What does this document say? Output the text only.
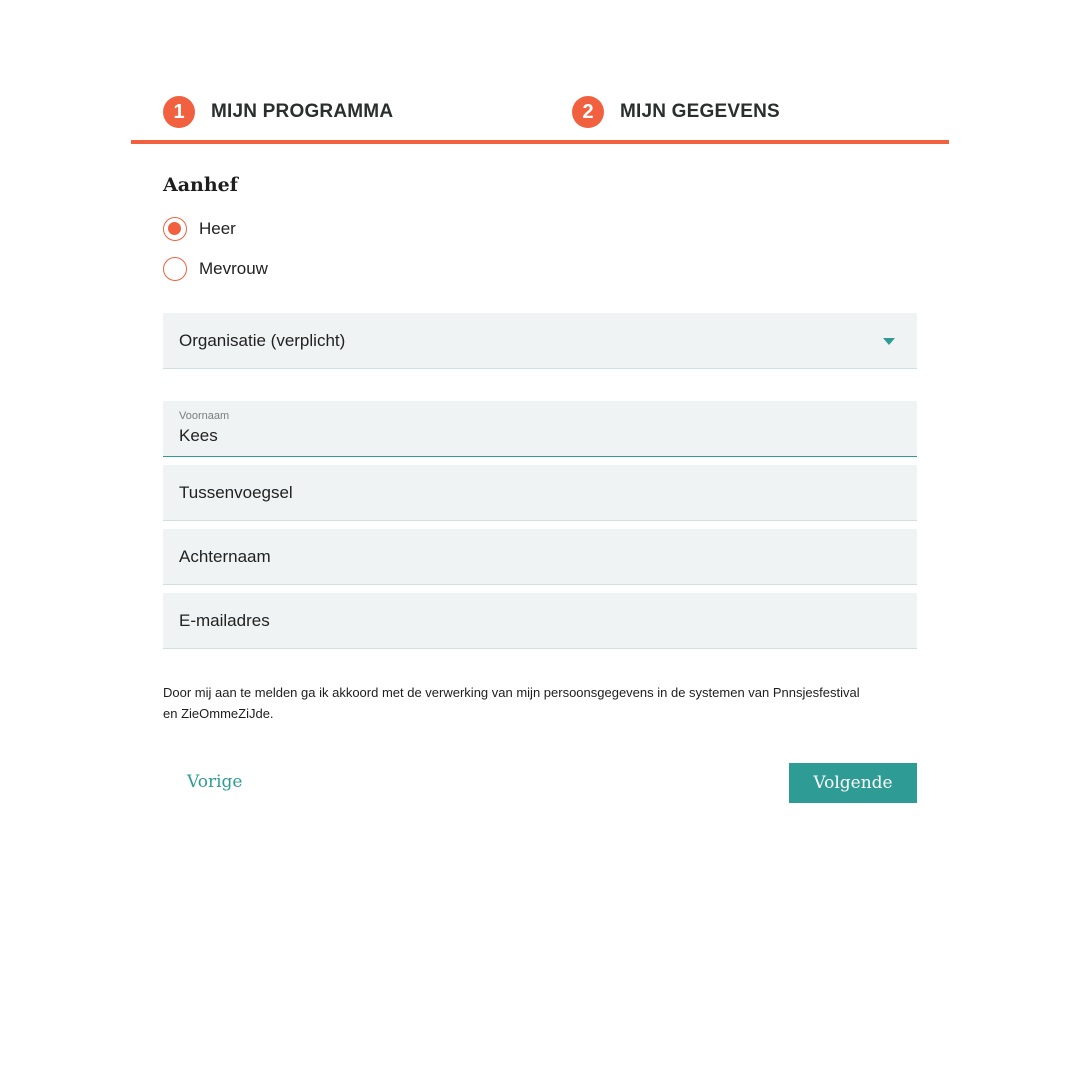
1	MIJN PROGRAMMA	2	MIJN GEGEVENS
Aanhef
Heer
Mevrouw
Organisatie (verplicht)
Voornaam
Kees
Tussenvoegsel
Achternaam
E-mailadres
Door mij aan te melden ga ik akkoord met de verwerking van mijn persoonsgegevens in de systemen van Pnnsjesfestival en ZieOmmeZiJde.
Vorige	Volgende
